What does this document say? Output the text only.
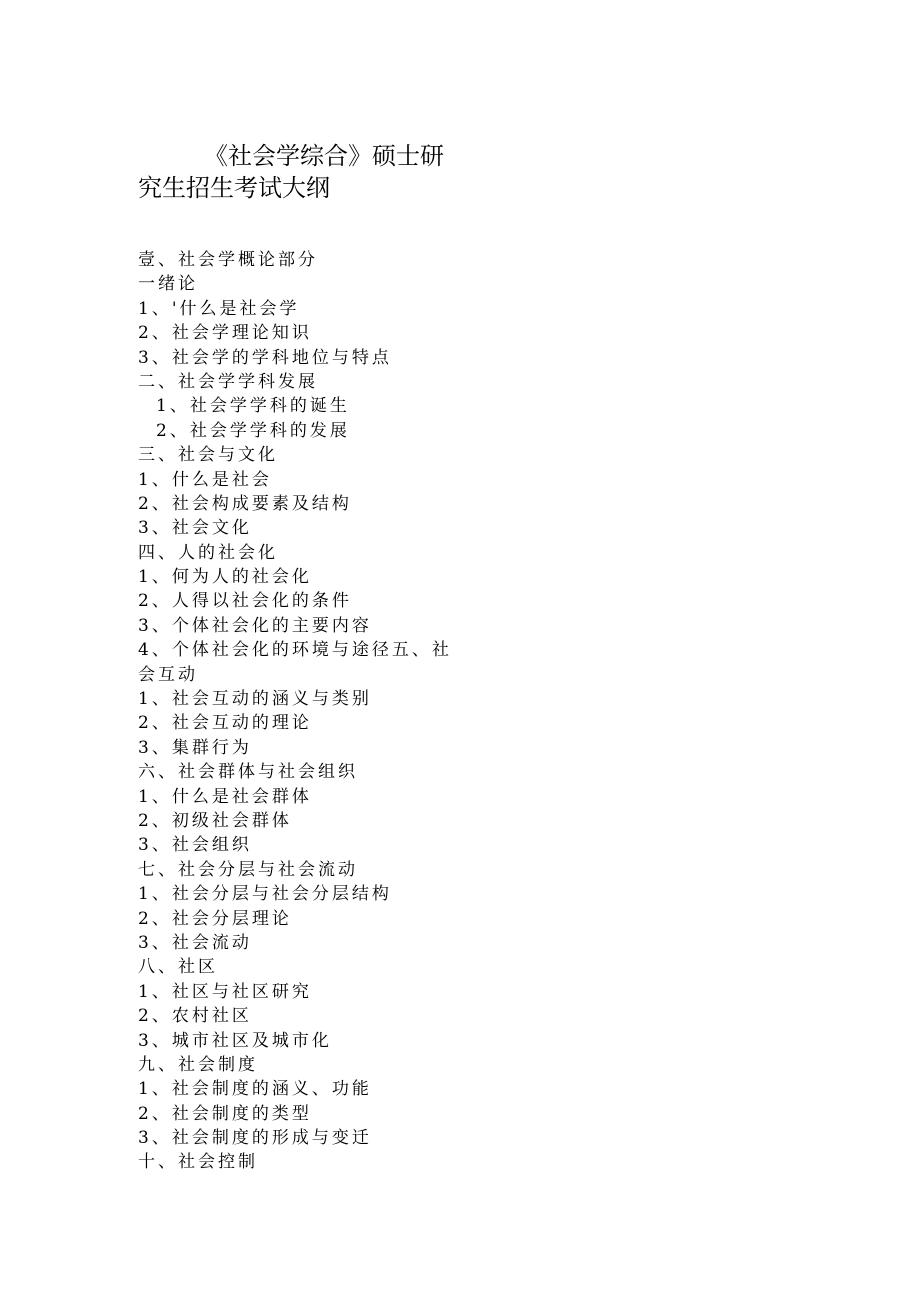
《社会学综合》硕士研
究生招生考试大纲
壹、社会学概论部分
一绪论
1、'什么是社会学
2、社会学理论知识
3、社会学的学科地位与特点
二、社会学学科发展
1、社会学学科的诞生
2、社会学学科的发展
三、社会与文化
1、什么是社会
2、社会构成要素及结构
3、社会文化
四、人的社会化
1、何为人的社会化
2、人得以社会化的条件
3、个体社会化的主要内容
4、个体社会化的环境与途径五、社
会互动
1、社会互动的涵义与类别
2、社会互动的理论
3、集群行为
六、社会群体与社会组织
1、什么是社会群体
2、初级社会群体
3、社会组织
七、社会分层与社会流动
1、社会分层与社会分层结构
2、社会分层理论
3、社会流动
八、社区
1、社区与社区研究
2、农村社区
3、城市社区及城市化
九、社会制度
1、社会制度的涵义、功能
2、社会制度的类型
3、社会制度的形成与变迁
十、社会控制
